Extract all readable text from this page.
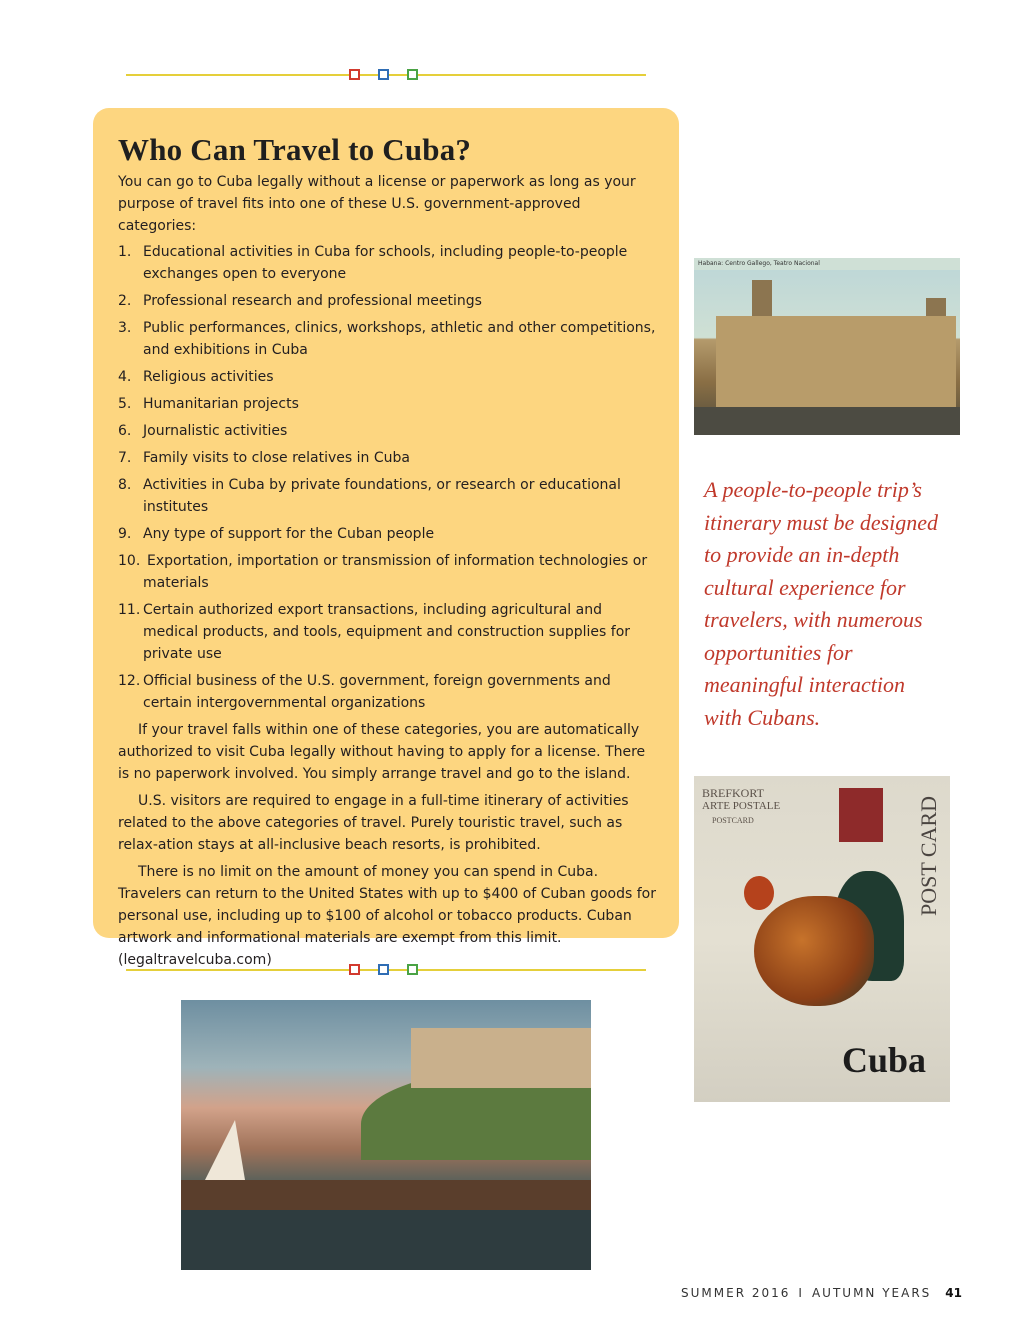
Who Can Travel to Cuba?

You can go to Cuba legally without a license or paperwork as long as your purpose of travel fits into one of these U.S. government-approved categories:

1. Educational activities in Cuba for schools, including people-to-people exchanges open to everyone
2. Professional research and professional meetings
3. Public performances, clinics, workshops, athletic and other competitions, and exhibitions in Cuba
4. Religious activities
5. Humanitarian projects
6. Journalistic activities
7. Family visits to close relatives in Cuba
8. Activities in Cuba by private foundations, or research or educational institutes
9. Any type of support for the Cuban people
10. Exportation, importation or transmission of information technologies or materials
11. Certain authorized export transactions, including agricultural and medical products, and tools, equipment and construction supplies for private use
12. Official business of the U.S. government, foreign governments and certain intergovernmental organizations

If your travel falls within one of these categories, you are automatically authorized to visit Cuba legally without having to apply for a license. There is no paperwork involved. You simply arrange travel and go to the island.

U.S. visitors are required to engage in a full-time itinerary of activities related to the above categories of travel. Purely touristic travel, such as relax-ation stays at all-inclusive beach resorts, is prohibited.

There is no limit on the amount of money you can spend in Cuba. Travelers can return to the United States with up to $400 of Cuban goods for personal use, including up to $100 of alcohol or tobacco products. Cuban artwork and informational materials are exempt from this limit. (legaltravelcuba.com)

Habana: Centro Gallego, Teatro Nacional

A people-to-people trip’s itinerary must be designed to provide an in-depth cultural experience for travelers, with numerous opportunities for meaningful interaction with Cubans.

BREFKORT
ARTE POSTALE
POSTCARD	POST CARD
Cuba
SUMMER 2016 I AUTUMN YEARS 41
